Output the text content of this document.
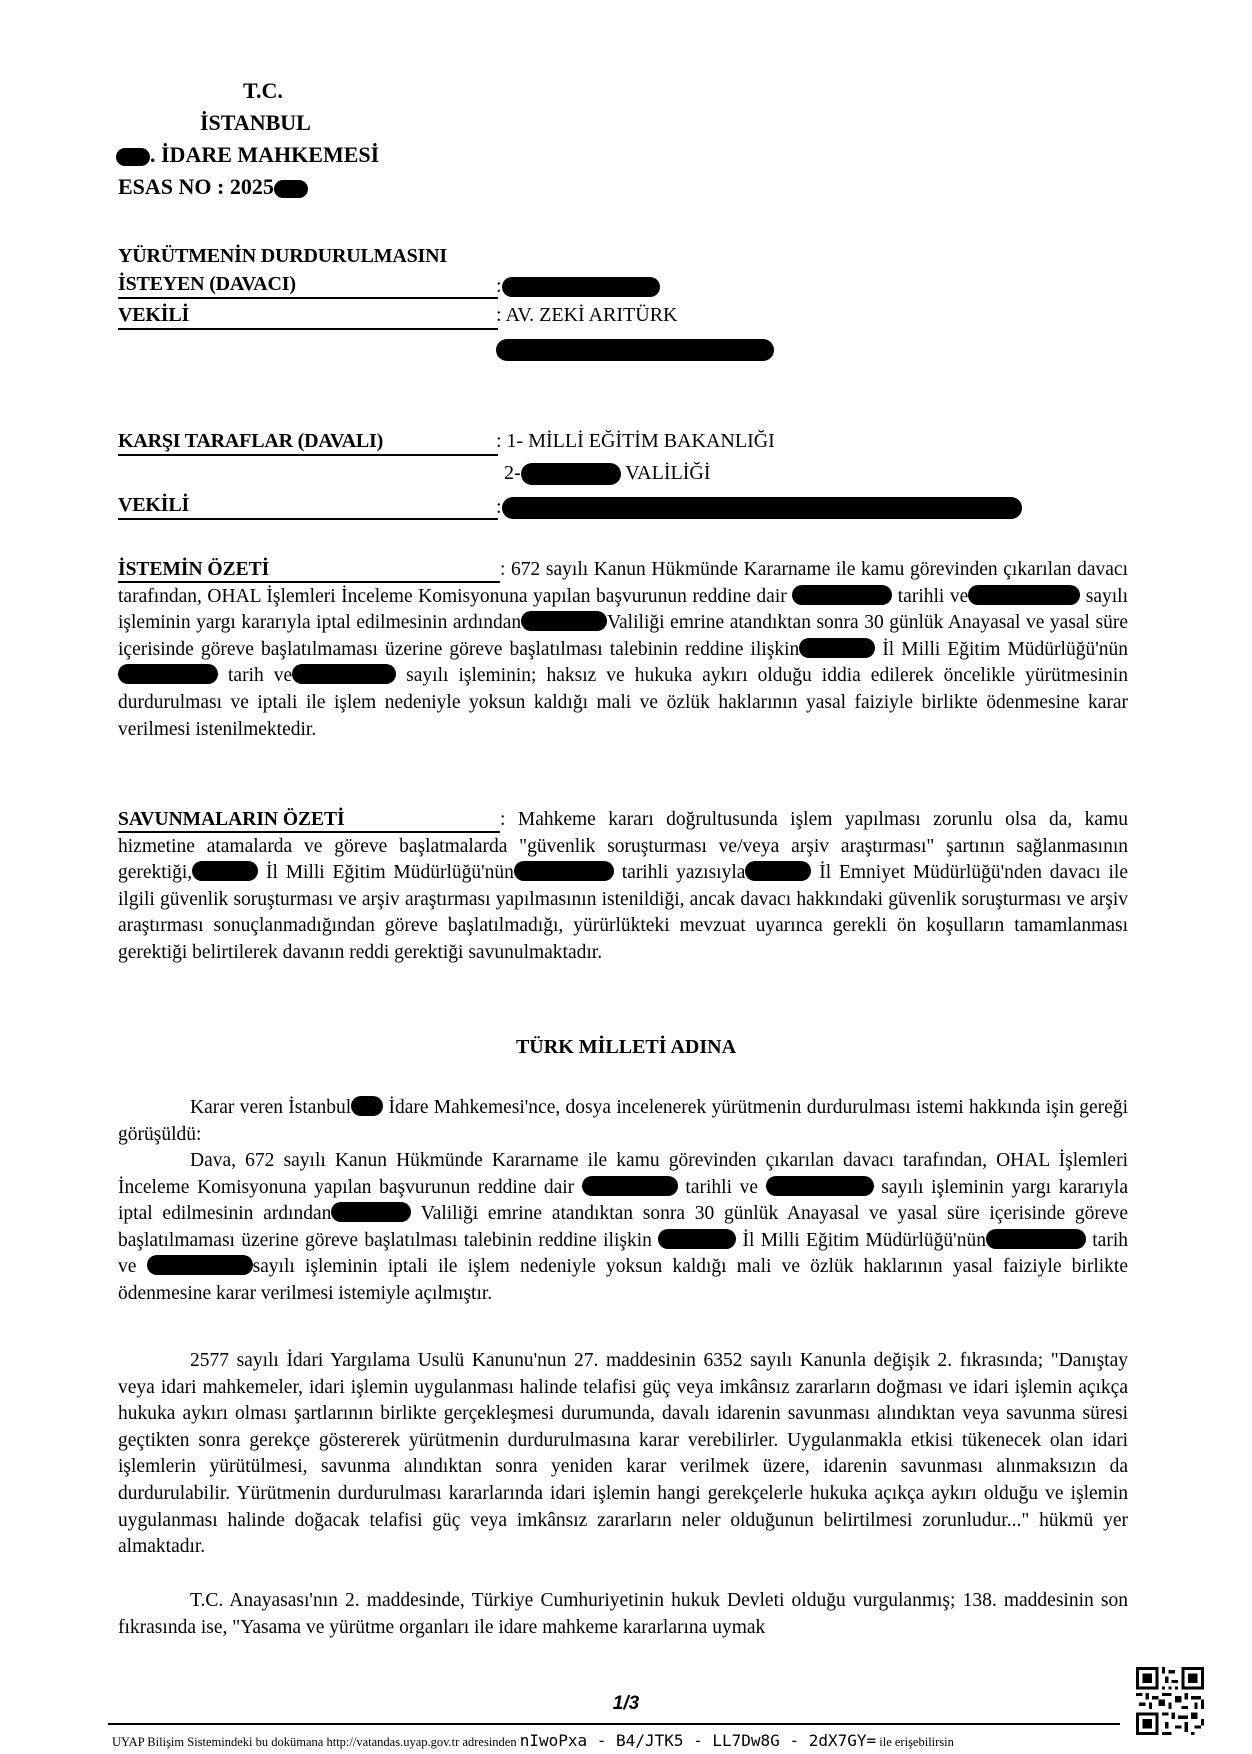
T.C.
İSTANBUL
. İDARE MAHKEMESİ
ESAS NO : 2025
YÜRÜTMENİN DURDURULMASINI
İSTEYEN (DAVACI)	:
VEKİLİ	: AV. ZEKİ ARITÜRK
KARŞI TARAFLAR (DAVALI)	: 1- MİLLİ EĞİTİM BAKANLIĞI
2-	VALİLİĞİ
VEKİLİ	:
İSTEMİN ÖZETİ	: 672 sayılı Kanun Hükmünde Kararname ile kamu görevinden çıkarılan davacı tarafından, OHAL İşlemleri İnceleme Komisyonuna yapılan başvurunun reddine dair	tarihli ve	sayılı işleminin yargı kararıyla iptal edilmesinin ardından	Valiliği emrine atandıktan sonra 30 günlük Anayasal ve yasal süre içerisinde göreve başlatılmaması üzerine göreve başlatılması talebinin reddine ilişkin	İl Milli Eğitim Müdürlüğü'nün tarih ve	sayılı işleminin; haksız ve hukuka aykırı olduğu iddia edilerek öncelikle yürütmesinin durdurulması ve iptali ile işlem nedeniyle yoksun kaldığı mali ve özlük haklarının yasal faiziyle birlikte ödenmesine karar verilmesi istenilmektedir.
SAVUNMALARIN ÖZETİ	: Mahkeme kararı doğrultusunda işlem yapılması zorunlu olsa da, kamu hizmetine atamalarda ve göreve başlatmalarda "güvenlik soruşturması ve/veya arşiv araştırması" şartının sağlanmasının gerektiği,	İl Milli Eğitim Müdürlüğü'nün	tarihli yazısıyla	İl Emniyet Müdürlüğü'nden davacı ile ilgili güvenlik soruşturması ve arşiv araştırması yapılmasının istenildiği, ancak davacı hakkındaki güvenlik soruşturması ve arşiv araştırması sonuçlanmadığından göreve başlatılmadığı, yürürlükteki mevzuat uyarınca gerekli ön koşulların tamamlanması gerektiği belirtilerek davanın reddi gerektiği savunulmaktadır.
TÜRK MİLLETİ ADINA
Karar veren İstanbul İdare Mahkemesi'nce, dosya incelenerek yürütmenin durdurulması istemi hakkında işin gereği görüşüldü:
Dava, 672 sayılı Kanun Hükmünde Kararname ile kamu görevinden çıkarılan davacı tarafından, OHAL İşlemleri İnceleme Komisyonuna yapılan başvurunun reddine dair	tarihli ve	sayılı işleminin yargı kararıyla iptal edilmesinin ardından	Valiliği emrine atandıktan sonra 30 günlük Anayasal ve yasal süre içerisinde göreve başlatılmaması üzerine göreve başlatılması talebinin reddine ilişkin	İl Milli Eğitim Müdürlüğü'nün	tarih ve	sayılı işleminin iptali ile işlem nedeniyle yoksun kaldığı mali ve özlük haklarının yasal faiziyle birlikte ödenmesine karar verilmesi istemiyle açılmıştır.
2577 sayılı İdari Yargılama Usulü Kanunu'nun 27. maddesinin 6352 sayılı Kanunla değişik 2. fıkrasında; "Danıştay veya idari mahkemeler, idari işlemin uygulanması halinde telafisi güç veya imkânsız zararların doğması ve idari işlemin açıkça hukuka aykırı olması şartlarının birlikte gerçekleşmesi durumunda, davalı idarenin savunması alındıktan veya savunma süresi geçtikten sonra gerekçe göstererek yürütmenin durdurulmasına karar verebilirler. Uygulanmakla etkisi tükenecek olan idari işlemlerin yürütülmesi, savunma alındıktan sonra yeniden karar verilmek üzere, idarenin savunması alınmaksızın da durdurulabilir. Yürütmenin durdurulması kararlarında idari işlemin hangi gerekçelerle hukuka açıkça aykırı olduğu ve işlemin uygulanması halinde doğacak telafisi güç veya imkânsız zararların neler olduğunun belirtilmesi zorunludur..." hükmü yer almaktadır.
T.C. Anayasası'nın 2. maddesinde, Türkiye Cumhuriyetinin hukuk Devleti olduğu vurgulanmış; 138. maddesinin son fıkrasında ise, "Yasama ve yürütme organları ile idare mahkeme kararlarına uymak
1/3
UYAP Bilişim Sistemindeki bu dokümana http://vatandas.uyap.gov.tr adresinden nIwoPxa - B4/JTK5 - LL7Dw8G - 2dX7GY= ile erişebilirsin
